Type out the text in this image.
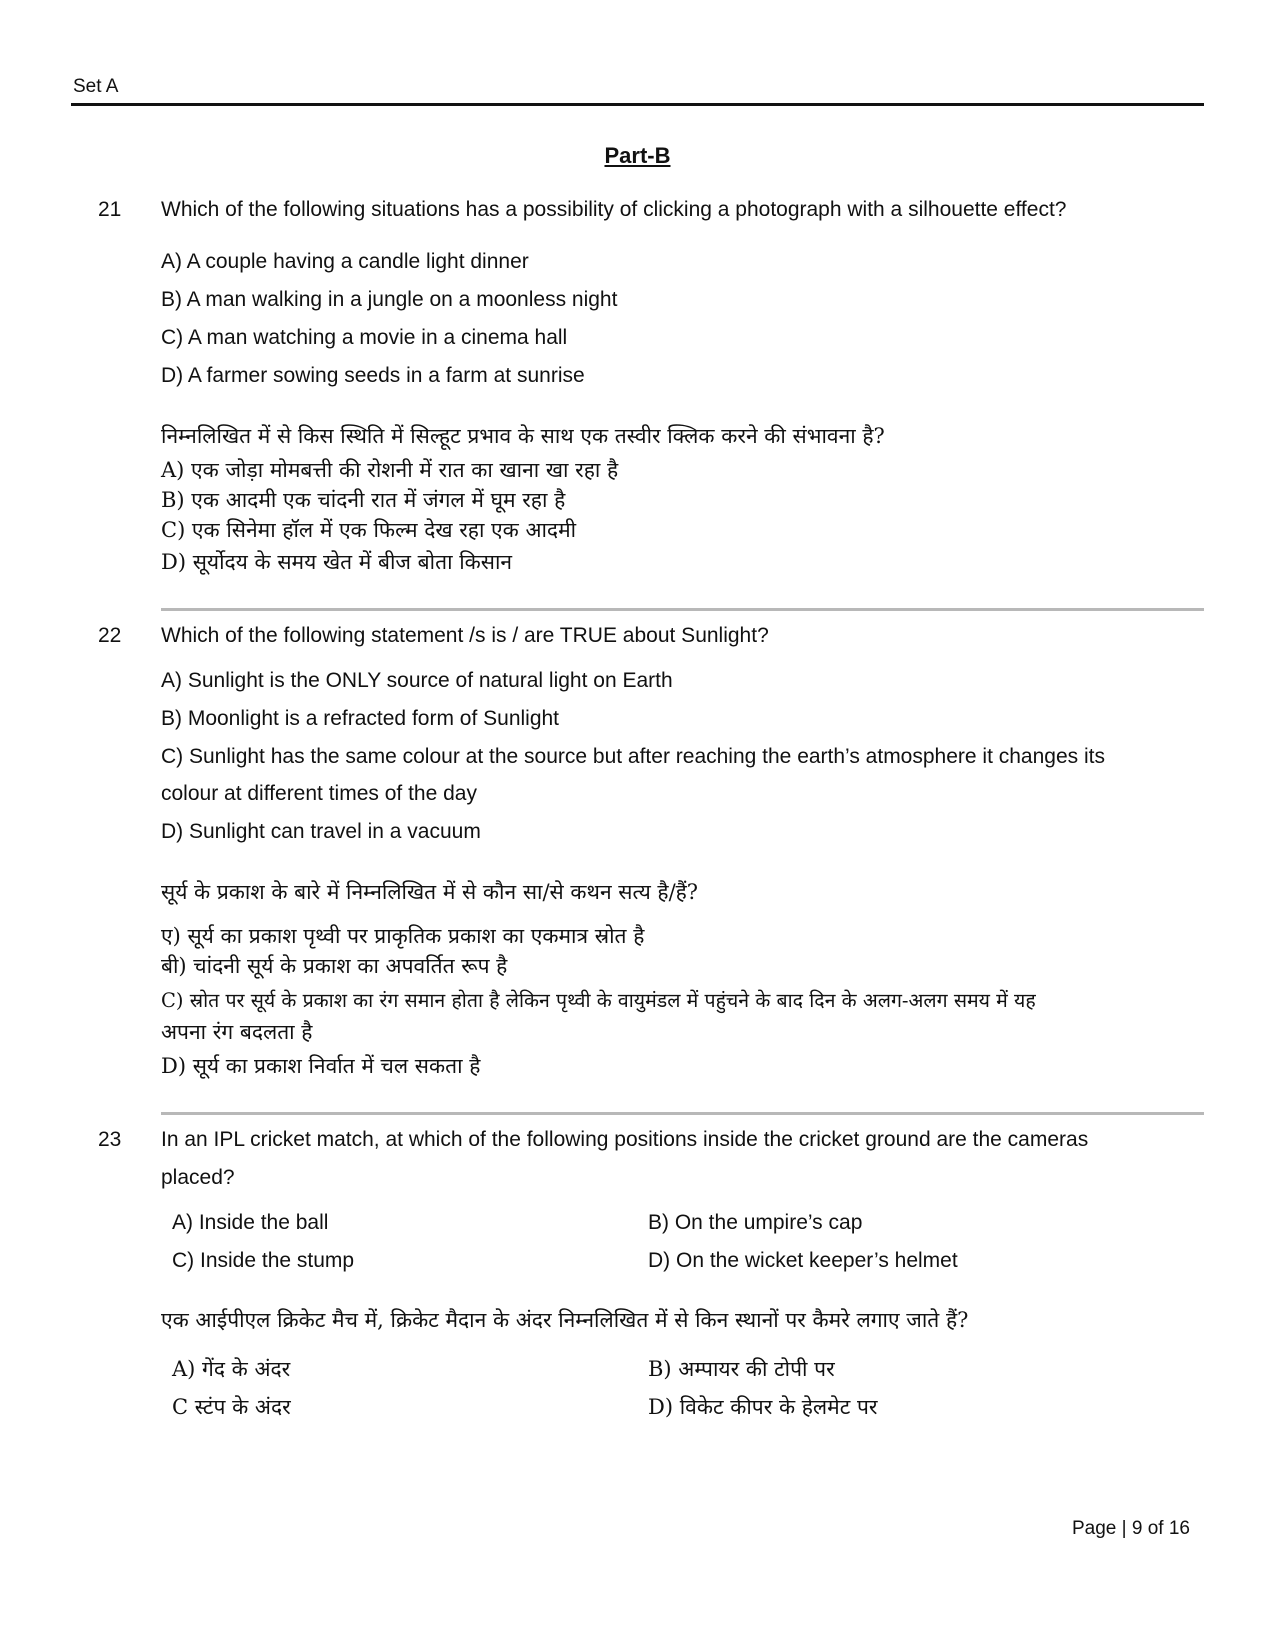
Set A
Part-B
21 Which of the following situations has a possibility of clicking a photograph with a silhouette effect?
A) A couple having a candle light dinner
B) A man walking in a jungle on a moonless night
C) A man watching a movie in a cinema hall
D) A farmer sowing seeds in a farm at sunrise
निम्नलिखित में से किस स्थिति में सिल्हूट प्रभाव के साथ एक तस्वीर क्लिक करने की संभावना है?
A) एक जोड़ा मोमबत्ती की रोशनी में रात का खाना खा रहा है
B) एक आदमी एक चांदनी रात में जंगल में घूम रहा है
C) एक सिनेमा हॉल में एक फिल्म देख रहा एक आदमी
D) सूर्योदय के समय खेत में बीज बोता किसान
22 Which of the following statement /s is / are TRUE about Sunlight?
A) Sunlight is the ONLY source of natural light on Earth
B) Moonlight is a refracted form of Sunlight
C) Sunlight has the same colour at the source but after reaching the earth’s atmosphere it changes its
colour at different times of the day
D) Sunlight can travel in a vacuum
सूर्य के प्रकाश के बारे में निम्नलिखित में से कौन सा/से कथन सत्य है/हैं?
ए) सूर्य का प्रकाश पृथ्वी पर प्राकृतिक प्रकाश का एकमात्र स्रोत है
बी) चांदनी सूर्य के प्रकाश का अपवर्तित रूप है
C) स्रोत पर सूर्य के प्रकाश का रंग समान होता है लेकिन पृथ्वी के वायुमंडल में पहुंचने के बाद दिन के अलग-अलग समय में यह
अपना रंग बदलता है
D) सूर्य का प्रकाश निर्वात में चल सकता है
23 In an IPL cricket match, at which of the following positions inside the cricket ground are the cameras
placed?
A) Inside the ball	B) On the umpire’s cap
C) Inside the stump	D) On the wicket keeper’s helmet
एक आईपीएल क्रिकेट मैच में, क्रिकेट मैदान के अंदर निम्नलिखित में से किन स्थानों पर कैमरे लगाए जाते हैं?
A) गेंद के अंदर	B) अम्पायर की टोपी पर
C स्टंप के अंदर	D) विकेट कीपर के हेलमेट पर
Page | 9 of 16
